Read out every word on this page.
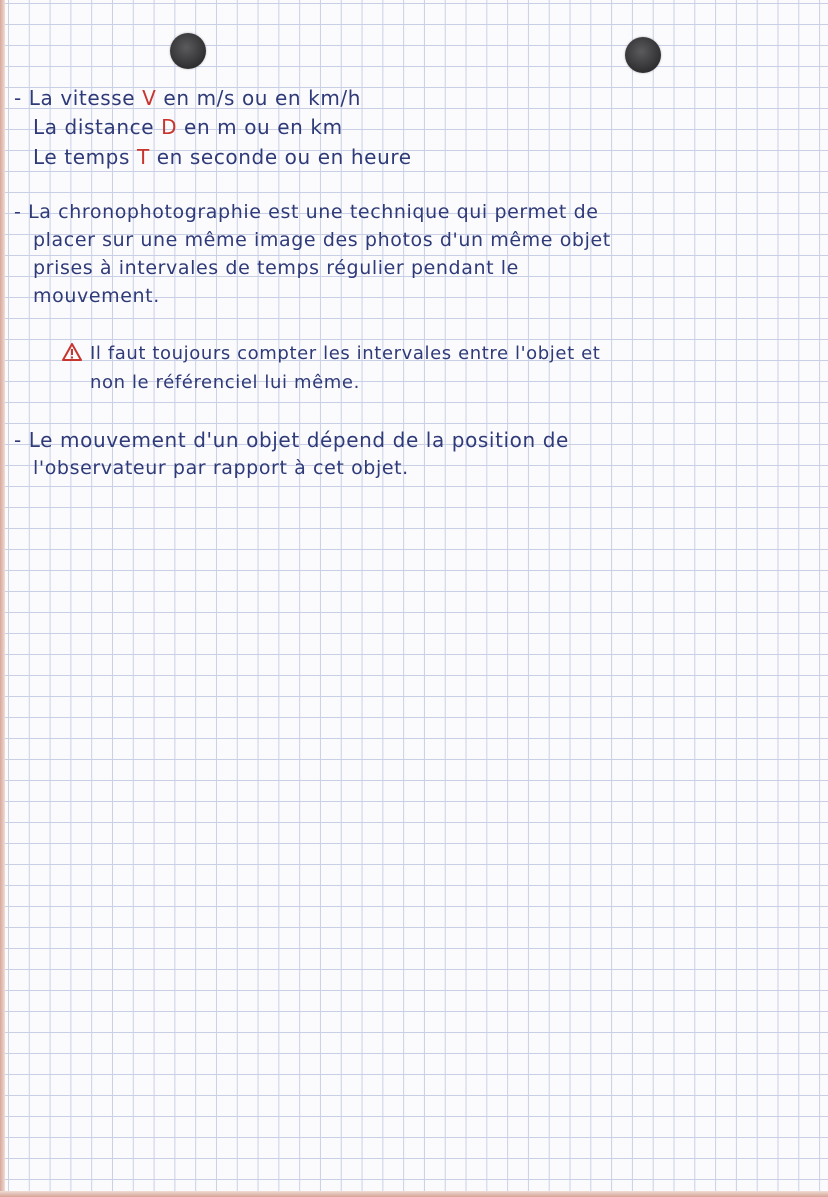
- La vitesse V en m/s ou en km/h
La distance D en m ou en km
Le temps T en seconde ou en heure
- La chronophotographie est une technique qui permet de
placer sur une même image des photos d'un même objet
prises à intervales de temps régulier pendant le
mouvement.
Il faut toujours compter les intervales entre l'objet et
non le référenciel lui même.
- Le mouvement d'un objet dépend de la position de
l'observateur par rapport à cet objet.
